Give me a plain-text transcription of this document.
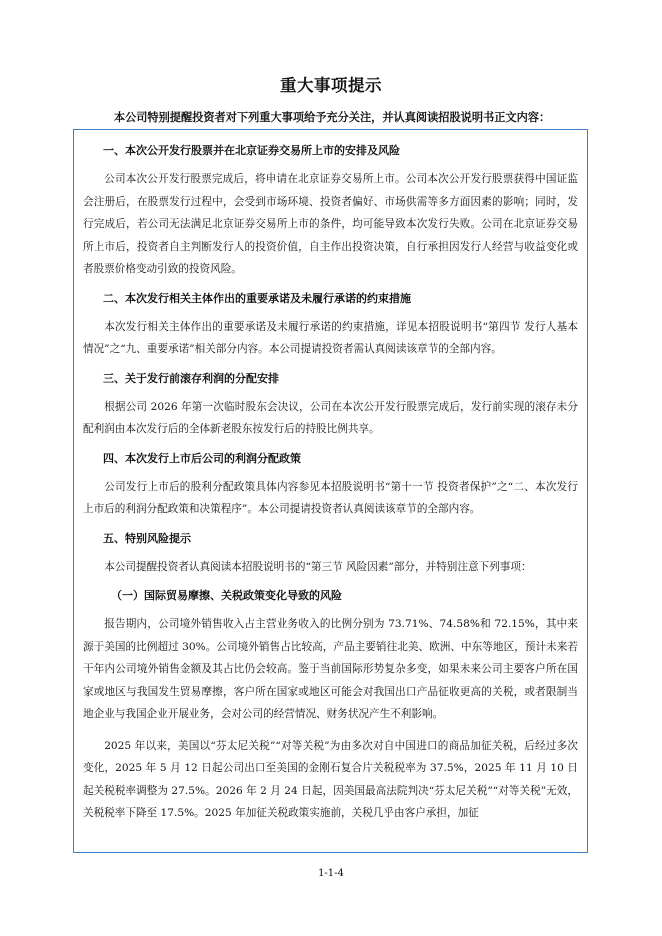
重大事项提示

本公司特别提醒投资者对下列重大事项给予充分关注，并认真阅读招股说明书正文内容：

一、本次公开发行股票并在北京证券交易所上市的安排及风险

公司本次公开发行股票完成后，将申请在北京证券交易所上市。公司本次公开发行股票获得中国证监会注册后，在股票发行过程中，会受到市场环境、投资者偏好、市场供需等多方面因素的影响；同时，发行完成后，若公司无法满足北京证券交易所上市的条件，均可能导致本次发行失败。公司在北京证券交易所上市后，投资者自主判断发行人的投资价值，自主作出投资决策，自行承担因发行人经营与收益变化或者股票价格变动引致的投资风险。

二、本次发行相关主体作出的重要承诺及未履行承诺的约束措施

本次发行相关主体作出的重要承诺及未履行承诺的约束措施，详见本招股说明书“第四节 发行人基本情况”之“九、重要承诺”相关部分内容。本公司提请投资者需认真阅读该章节的全部内容。

三、关于发行前滚存利润的分配安排

根据公司 2026 年第一次临时股东会决议，公司在本次公开发行股票完成后，发行前实现的滚存未分配利润由本次发行后的全体新老股东按发行后的持股比例共享。

四、本次发行上市后公司的利润分配政策

公司发行上市后的股利分配政策具体内容参见本招股说明书“第十一节 投资者保护”之“二、本次发行上市后的利润分配政策和决策程序”。本公司提请投资者认真阅读该章节的全部内容。

五、特别风险提示

本公司提醒投资者认真阅读本招股说明书的“第三节 风险因素”部分，并特别注意下列事项：

（一）国际贸易摩擦、关税政策变化导致的风险

报告期内，公司境外销售收入占主营业务收入的比例分别为 73.71%、74.58%和 72.15%，其中来源于美国的比例超过 30%。公司境外销售占比较高，产品主要销往北美、欧洲、中东等地区，预计未来若干年内公司境外销售金额及其占比仍会较高。鉴于当前国际形势复杂多变，如果未来公司主要客户所在国家或地区与我国发生贸易摩擦，客户所在国家或地区可能会对我国出口产品征收更高的关税，或者限制当地企业与我国企业开展业务，会对公司的经营情况、财务状况产生不利影响。

2025 年以来，美国以“芬太尼关税”“对等关税”为由多次对自中国进口的商品加征关税，后经过多次变化，2025 年 5 月 12 日起公司出口至美国的金刚石复合片关税税率为 37.5%，2025 年 11 月 10 日起关税税率调整为 27.5%。2026 年 2 月 24 日起，因美国最高法院判决“芬太尼关税”“对等关税”无效，关税税率下降至 17.5%。2025 年加征关税政策实施前，关税几乎由客户承担，加征

1-1-4
